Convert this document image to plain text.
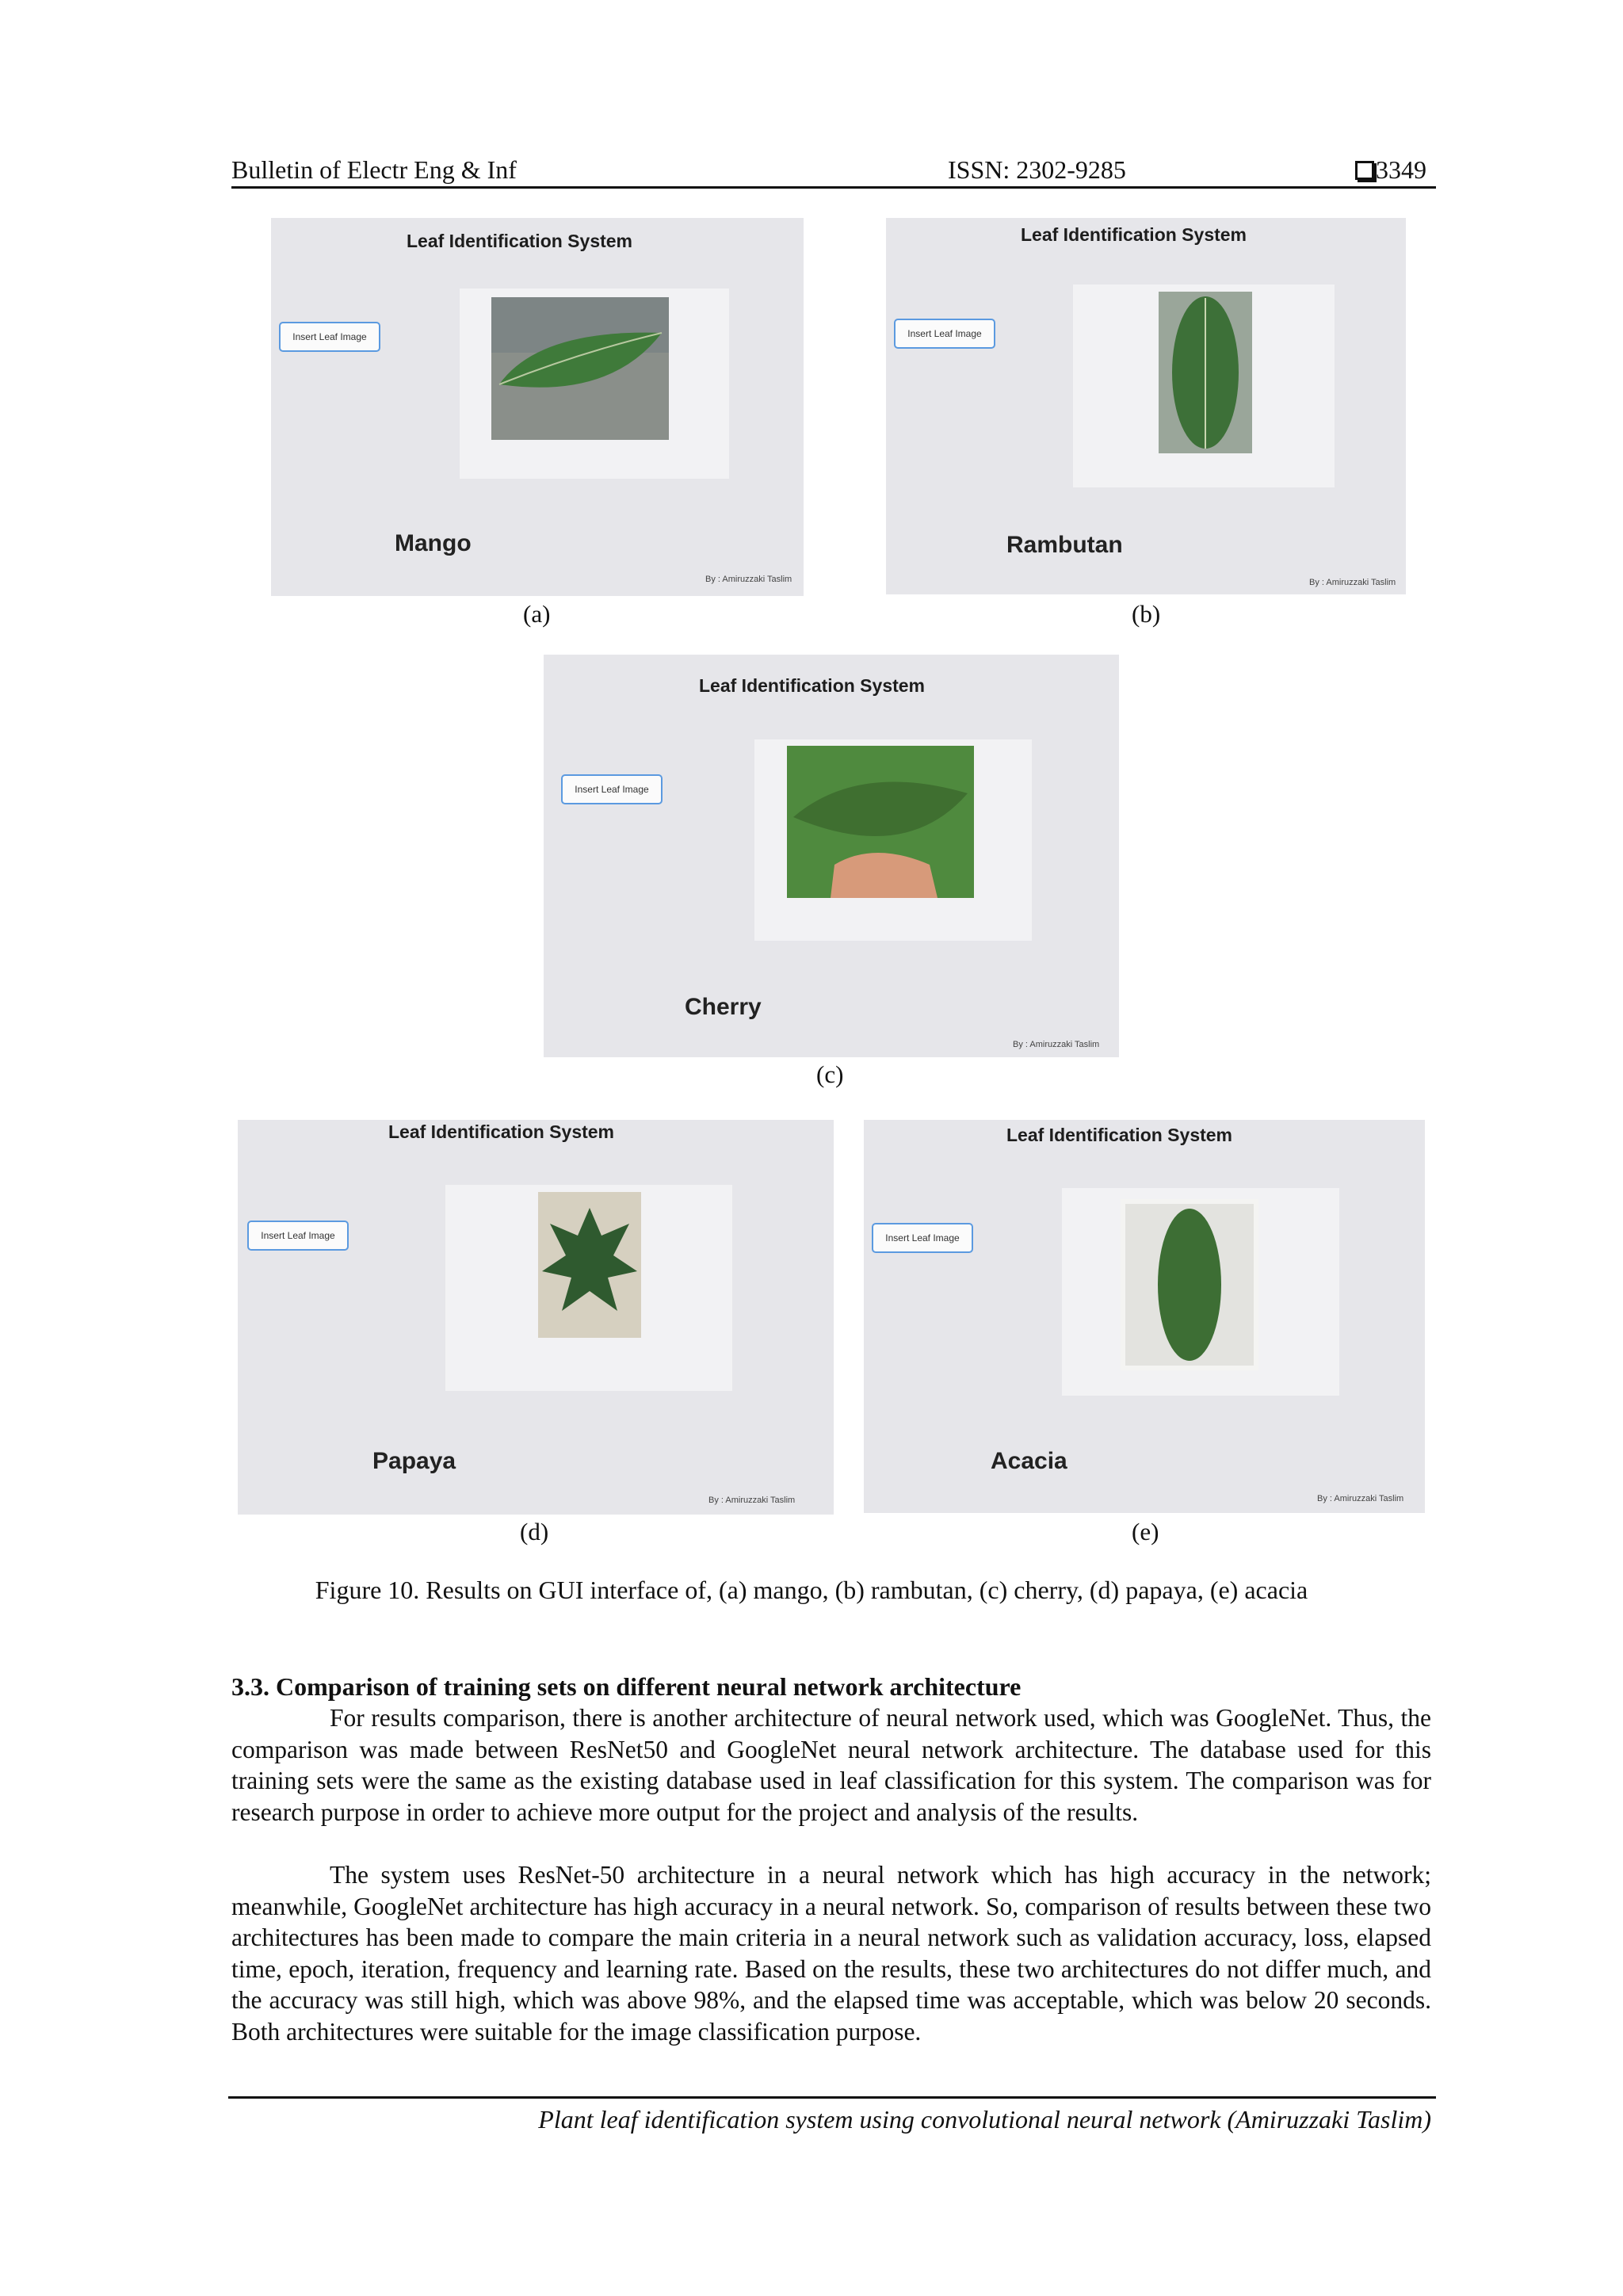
Bulletin of Electr Eng & Inf	ISSN: 2302-9285	3349
Leaf Identification System
Insert Leaf Image
Mango
By : Amiruzzaki Taslim
(a)
Leaf Identification System
Insert Leaf Image
Rambutan
By : Amiruzzaki Taslim
(b)
Leaf Identification System
Insert Leaf Image
Cherry
By : Amiruzzaki Taslim
(c)
Leaf Identification System
Insert Leaf Image
Papaya
By : Amiruzzaki Taslim
(d)
Leaf Identification System
Insert Leaf Image
Acacia
By : Amiruzzaki Taslim
(e)
Figure 10. Results on GUI interface of, (a) mango, (b) rambutan, (c) cherry, (d) papaya, (e) acacia
3.3. Comparison of training sets on different neural network architecture

For results comparison, there is another architecture of neural network used, which was GoogleNet. Thus, the comparison was made between ResNet50 and GoogleNet neural network architecture. The database used for this training sets were the same as the existing database used in leaf classification for this system. The comparison was for research purpose in order to achieve more output for the project and analysis of the results.

The system uses ResNet-50 architecture in a neural network which has high accuracy in the network; meanwhile, GoogleNet architecture has high accuracy in a neural network. So, comparison of results between these two architectures has been made to compare the main criteria in a neural network such as validation accuracy, loss, elapsed time, epoch, iteration, frequency and learning rate. Based on the results, these two architectures do not differ much, and the accuracy was still high, which was above 98%, and the elapsed time was acceptable, which was below 20 seconds. Both architectures were suitable for the image classification purpose.

Plant leaf identification system using convolutional neural network (Amiruzzaki Taslim)
